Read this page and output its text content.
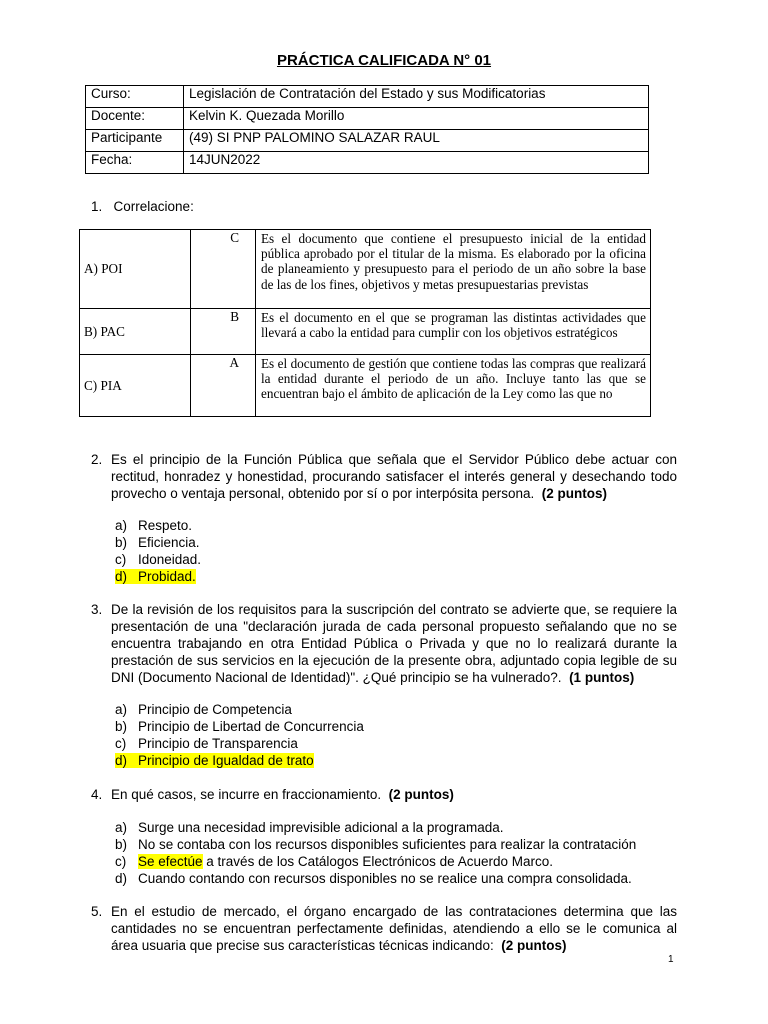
PRÁCTICA CALIFICADA N° 01
Curso:	Legislación de Contratación del Estado y sus Modificatorias
Docente:	Kelvin K. Quezada Morillo
Participante	(49) SI PNP PALOMINO SALAZAR RAUL
Fecha:	14JUN2022
1. Correlacione:
A) POI	C	Es el documento que contiene el presupuesto inicial de la entidad pública aprobado por el titular de la misma. Es elaborado por la oficina de planeamiento y presupuesto para el periodo de un año sobre la base de las de los fines, objetivos y metas presupuestarias previstas
B) PAC	B	Es el documento en el que se programan las distintas actividades que llevará a cabo la entidad para cumplir con los objetivos estratégicos
C) PIA	A	Es el documento de gestión que contiene todas las compras que realizará la entidad durante el periodo de un año. Incluye tanto las que se encuentran bajo el ámbito de aplicación de la Ley como las que no
2. Es el principio de la Función Pública que señala que el Servidor Público debe actuar con rectitud, honradez y honestidad, procurando satisfacer el interés general y desechando todo provecho o ventaja personal, obtenido por sí o por interpósita persona. (2 puntos)
a) Respeto.
b) Eficiencia.
c) Idoneidad.
d) Probidad.
3. De la revisión de los requisitos para la suscripción del contrato se advierte que, se requiere la presentación de una "declaración jurada de cada personal propuesto señalando que no se encuentra trabajando en otra Entidad Pública o Privada y que no lo realizará durante la prestación de sus servicios en la ejecución de la presente obra, adjuntado copia legible de su DNI (Documento Nacional de Identidad)". ¿Qué principio se ha vulnerado?. (1 puntos)
a) Principio de Competencia
b) Principio de Libertad de Concurrencia
c) Principio de Transparencia
d) Principio de Igualdad de trato
4. En qué casos, se incurre en fraccionamiento. (2 puntos)
a) Surge una necesidad imprevisible adicional a la programada.
b) No se contaba con los recursos disponibles suficientes para realizar la contratación
c) Se efectúe a través de los Catálogos Electrónicos de Acuerdo Marco.
d) Cuando contando con recursos disponibles no se realice una compra consolidada.
5. En el estudio de mercado, el órgano encargado de las contrataciones determina que las cantidades no se encuentran perfectamente definidas, atendiendo a ello se le comunica al área usuaria que precise sus características técnicas indicando: (2 puntos)
1
